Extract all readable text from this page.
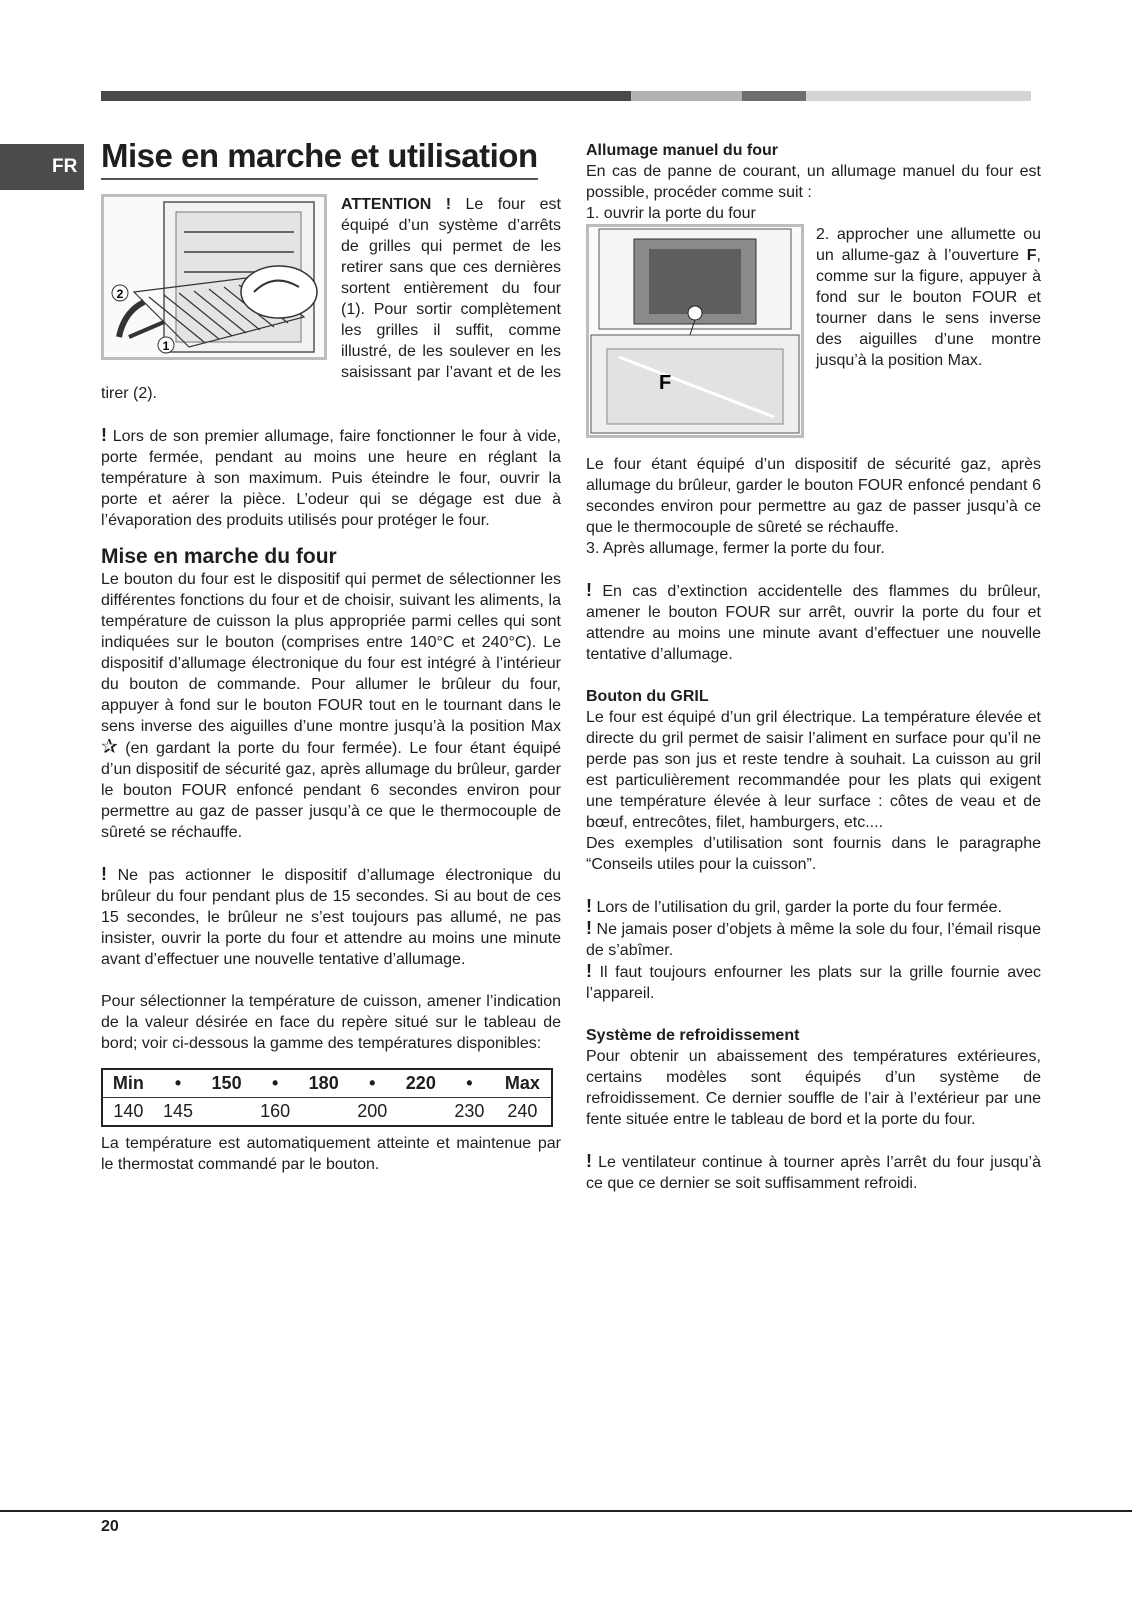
FR Mise en marche et utilisation
2
1

ATTENTION ! Le four est équipé d’un système d’arrêts de grilles qui permet de les retirer sans que ces dernières sortent entièrement du four (1). Pour sortir complètement les grilles il suffit, comme illustré, de les soulever en les saisissant par l’avant et de les tirer (2).

! Lors de son premier allumage, faire fonctionner le four à vide, porte fermée, pendant au moins une heure en réglant la température à son maximum. Puis éteindre le four, ouvrir la porte et aérer la pièce. L’odeur qui se dégage est due à l’évaporation des produits utilisés pour protéger le four.

Mise en marche du four

Le bouton du four est le dispositif qui permet de sélectionner les différentes fonctions du four et de choisir, suivant les aliments, la température de cuisson la plus appropriée parmi celles qui sont indiquées sur le bouton (comprises entre 140°C et 240°C). Le dispositif d’allumage électronique du four est intégré à l’intérieur du bouton de commande. Pour allumer le brûleur du four, appuyer à fond sur le bouton FOUR tout en le tournant dans le sens inverse des aiguilles d’une montre jusqu’à la position Max ✰ (en gardant la porte du four fermée). Le four étant équipé d’un dispositif de sécurité gaz, après allumage du brûleur, garder le bouton FOUR enfoncé pendant 6 secondes environ pour permettre au gaz de passer jusqu’à ce que le thermocouple de sûreté se réchauffe.

! Ne pas actionner le dispositif d’allumage électronique du brûleur du four pendant plus de 15 secondes. Si au bout de ces 15 secondes, le brûleur ne s’est toujours pas allumé, ne pas insister, ouvrir la porte du four et attendre au moins une minute avant d’effectuer une nouvelle tentative d’allumage.

Pour sélectionner la température de cuisson, amener l’indication de la valeur désirée en face du repère situé sur le tableau de bord; voir ci-dessous la gamme des températures disponibles:

Min	•	150	•	180	•	220	•	Max
140	145		160		200		230	240

La température est automatiquement atteinte et maintenue par le thermostat commandé par le bouton.

Allumage manuel du four

En cas de panne de courant, un allumage manuel du four est possible, procéder comme suit :

1. ouvrir la porte du four

F

2. approcher une allumette ou un allume-gaz à l’ouverture F, comme sur la figure, appuyer à fond sur le bouton FOUR et tourner dans le sens inverse des aiguilles d’une montre jusqu’à la position Max.

Le four étant équipé d’un dispositif de sécurité gaz, après allumage du brûleur, garder le bouton FOUR enfoncé pendant 6 secondes environ pour permettre au gaz de passer jusqu’à ce que le thermocouple de sûreté se réchauffe.

3. Après allumage, fermer la porte du four.

! En cas d’extinction accidentelle des flammes du brûleur, amener le bouton FOUR sur arrêt, ouvrir la porte du four et attendre au moins une minute avant d’effectuer une nouvelle tentative d’allumage.

Bouton du GRIL

Le four est équipé d’un gril électrique. La température élevée et directe du gril permet de saisir l’aliment en surface pour qu’il ne perde pas son jus et reste tendre à souhait. La cuisson au gril est particulièrement recommandée pour les plats qui exigent une température élevée à leur surface : côtes de veau et de bœuf, entrecôtes, filet, hamburgers, etc....

Des exemples d’utilisation sont fournis dans le paragraphe “Conseils utiles pour la cuisson”.

! Lors de l’utilisation du gril, garder la porte du four fermée.

! Ne jamais poser d’objets à même la sole du four, l’émail risque de s’abîmer.

! Il faut toujours enfourner les plats sur la grille fournie avec l’appareil.

Système de refroidissement

Pour obtenir un abaissement des températures extérieures, certains modèles sont équipés d’un système de refroidissement. Ce dernier souffle de l’air à l’extérieur par une fente située entre le tableau de bord et la porte du four.

! Le ventilateur continue à tourner après l’arrêt du four jusqu’à ce que ce dernier se soit suffisamment refroidi.

20
